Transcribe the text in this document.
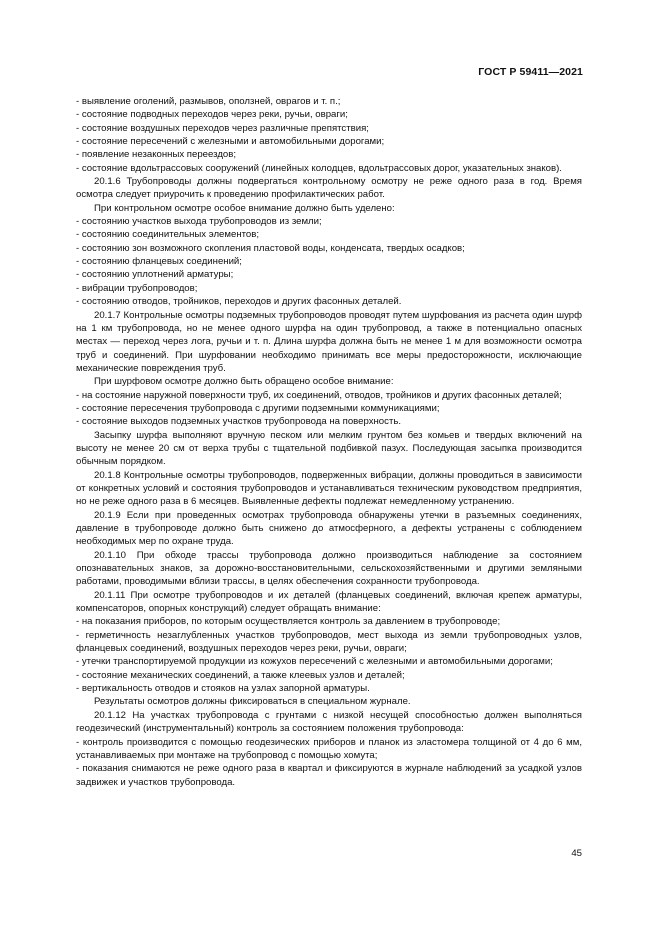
ГОСТ Р 59411—2021

- выявление оголений, размывов, оползней, оврагов и т. п.;

- состояние подводных переходов через реки, ручьи, овраги;

- состояние воздушных переходов через различные препятствия;

- состояние пересечений с железными и автомобильными дорогами;

- появление незаконных переездов;

- состояние вдольтрассовых сооружений (линейных колодцев, вдольтрассовых дорог, указательных знаков).

20.1.6 Трубопроводы должны подвергаться контрольному осмотру не реже одного раза в год. Время осмотра следует приурочить к проведению профилактических работ.

При контрольном осмотре особое внимание должно быть уделено:

- состоянию участков выхода трубопроводов из земли;

- состоянию соединительных элементов;

- состоянию зон возможного скопления пластовой воды, конденсата, твердых осадков;

- состоянию фланцевых соединений;

- состоянию уплотнений арматуры;

- вибрации трубопроводов;

- состоянию отводов, тройников, переходов и других фасонных деталей.

20.1.7 Контрольные осмотры подземных трубопроводов проводят путем шурфования из расчета один шурф на 1 км трубопровода, но не менее одного шурфа на один трубопровод, а также в потенциально опасных местах — переход через лога, ручьи и т. п. Длина шурфа должна быть не менее 1 м для возможности осмотра труб и соединений. При шурфовании необходимо принимать все меры предосторожности, исключающие механические повреждения труб.

При шурфовом осмотре должно быть обращено особое внимание:

- на состояние наружной поверхности труб, их соединений, отводов, тройников и других фасонных деталей;

- состояние пересечения трубопровода с другими подземными коммуникациями;

- состояние выходов подземных участков трубопровода на поверхность.

Засыпку шурфа выполняют вручную песком или мелким грунтом без комьев и твердых включений на высоту не менее 20 см от верха трубы с тщательной подбивкой пазух. Последующая засыпка производится обычным порядком.

20.1.8 Контрольные осмотры трубопроводов, подверженных вибрации, должны проводиться в зависимости от конкретных условий и состояния трубопроводов и устанавливаться техническим руководством предприятия, но не реже одного раза в 6 месяцев. Выявленные дефекты подлежат немедленному устранению.

20.1.9 Если при проведенных осмотрах трубопровода обнаружены утечки в разъемных соединениях, давление в трубопроводе должно быть снижено до атмосферного, а дефекты устранены с соблюдением необходимых мер по охране труда.

20.1.10 При обходе трассы трубопровода должно производиться наблюдение за состоянием опознавательных знаков, за дорожно-восстановительными, сельскохозяйственными и другими земляными работами, проводимыми вблизи трассы, в целях обеспечения сохранности трубопровода.

20.1.11 При осмотре трубопроводов и их деталей (фланцевых соединений, включая крепеж арматуры, компенсаторов, опорных конструкций) следует обращать внимание:

- на показания приборов, по которым осуществляется контроль за давлением в трубопроводе;

- герметичность незаглубленных участков трубопроводов, мест выхода из земли трубопроводных узлов, фланцевых соединений, воздушных переходов через реки, ручьи, овраги;

- утечки транспортируемой продукции из кожухов пересечений с железными и автомобильными дорогами;

- состояние механических соединений, а также клеевых узлов и деталей;

- вертикальность отводов и стояков на узлах запорной арматуры.

Результаты осмотров должны фиксироваться в специальном журнале.

20.1.12 На участках трубопровода с грунтами с низкой несущей способностью должен выполняться геодезический (инструментальный) контроль за состоянием положения трубопровода:

- контроль производится с помощью геодезических приборов и планок из эластомера толщиной от 4 до 6 мм, устанавливаемых при монтаже на трубопровод с помощью хомута;

- показания снимаются не реже одного раза в квартал и фиксируются в журнале наблюдений за усадкой узлов задвижек и участков трубопровода.

45
